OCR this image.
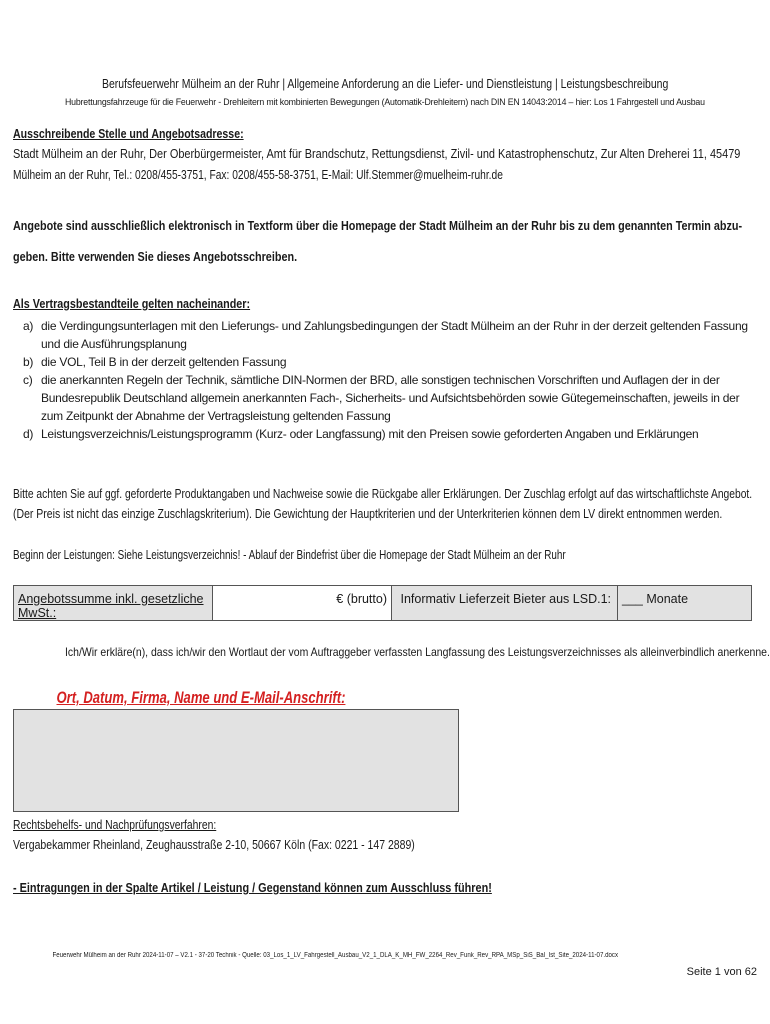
Berufsfeuerwehr Mülheim an der Ruhr | Allgemeine Anforderung an die Liefer- und Dienstleistung | Leistungsbeschreibung
Hubrettungsfahrzeuge für die Feuerwehr - Drehleitern mit kombinierten Bewegungen (Automatik-Drehleitern) nach DIN EN 14043:2014 – hier: Los 1 Fahrgestell und Ausbau
Ausschreibende Stelle und Angebotsadresse:
Stadt Mülheim an der Ruhr, Der Oberbürgermeister, Amt für Brandschutz, Rettungsdienst, Zivil- und Katastrophenschutz, Zur Alten Dreherei 11, 45479
Mülheim an der Ruhr, Tel.: 0208/455-3751, Fax: 0208/455-58-3751, E-Mail: Ulf.Stemmer@muelheim-ruhr.de
Angebote sind ausschließlich elektronisch in Textform über die Homepage der Stadt Mülheim an der Ruhr bis zu dem genannten Termin abzu-
geben. Bitte verwenden Sie dieses Angebotsschreiben.
Als Vertragsbestandteile gelten nacheinander:
a) die Verdingungsunterlagen mit den Lieferungs- und Zahlungsbedingungen der Stadt Mülheim an der Ruhr in der derzeit geltenden Fassung und die Ausführungsplanung
b) die VOL, Teil B in der derzeit geltenden Fassung
c) die anerkannten Regeln der Technik, sämtliche DIN-Normen der BRD, alle sonstigen technischen Vorschriften und Auflagen der in der Bundesrepublik Deutschland allgemein anerkannten Fach-, Sicherheits- und Aufsichtsbehörden sowie Gütegemeinschaften, jeweils in der zum Zeitpunkt der Abnahme der Vertragsleistung geltenden Fassung
d) Leistungsverzeichnis/Leistungsprogramm (Kurz- oder Langfassung) mit den Preisen sowie geforderten Angaben und Erklärungen
Bitte achten Sie auf ggf. geforderte Produktangaben und Nachweise sowie die Rückgabe aller Erklärungen. Der Zuschlag erfolgt auf das wirtschaftlichste Angebot.
(Der Preis ist nicht das einzige Zuschlagskriterium). Die Gewichtung der Hauptkriterien und der Unterkriterien können dem LV direkt entnommen werden.
Beginn der Leistungen: Siehe Leistungsverzeichnis! - Ablauf der Bindefrist über die Homepage der Stadt Mülheim an der Ruhr
Angebotssumme inkl. gesetzliche MwSt.:	€ (brutto)	Informativ Lieferzeit Bieter aus LSD.1:	___ Monate
Ich/Wir erkläre(n), dass ich/wir den Wortlaut der vom Auftraggeber verfassten Langfassung des Leistungsverzeichnisses als alleinverbindlich anerkenne.
Ort, Datum, Firma, Name und E-Mail-Anschrift:
Rechtsbehelfs- und Nachprüfungsverfahren:
Vergabekammer Rheinland, Zeughausstraße 2-10, 50667 Köln (Fax: 0221 - 147 2889)
- Eintragungen in der Spalte Artikel / Leistung / Gegenstand können zum Ausschluss führen!
Feuerwehr Mülheim an der Ruhr 2024-11-07 – V2.1 - 37-20 Technik - Quelle: 03_Los_1_LV_Fahrgestell_Ausbau_V2_1_DLA_K_MH_FW_2264_Rev_Funk_Rev_RPA_MSp_SiS_Bal_Ist_Site_2024-11-07.docx
Seite 1 von 62
